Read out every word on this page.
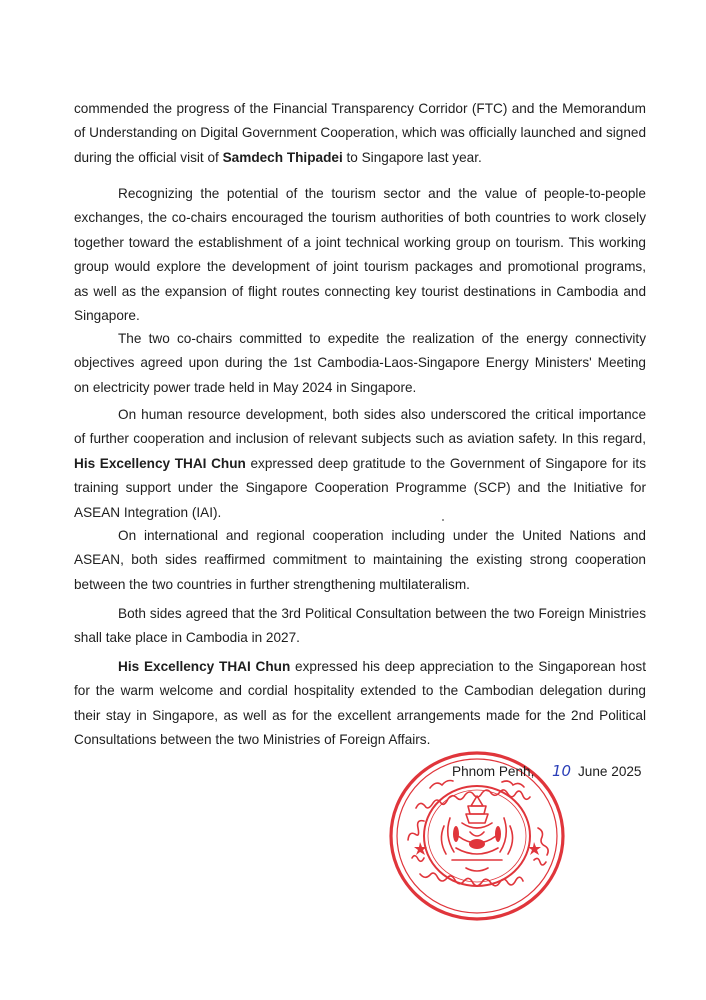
commended the progress of the Financial Transparency Corridor (FTC) and the Memorandum
of Understanding on Digital Government Cooperation, which was officially launched and signed
during the official visit of Samdech Thipadei to Singapore last year.

Recognizing the potential of the tourism sector and the value of people-to-people
exchanges, the co-chairs encouraged the tourism authorities of both countries to work closely
together toward the establishment of a joint technical working group on tourism. This working
group would explore the development of joint tourism packages and promotional programs,
as well as the expansion of flight routes connecting key tourist destinations in Cambodia and
Singapore.

The two co-chairs committed to expedite the realization of the energy connectivity
objectives agreed upon during the 1st Cambodia-Laos-Singapore Energy Ministers' Meeting
on electricity power trade held in May 2024 in Singapore.

On human resource development, both sides also underscored the critical importance
of further cooperation and inclusion of relevant subjects such as aviation safety. In this regard,
His Excellency THAI Chun expressed deep gratitude to the Government of Singapore for its
training support under the Singapore Cooperation Programme (SCP) and the Initiative for
ASEAN Integration (IAI).

On international and regional cooperation including under the United Nations and
ASEAN, both sides reaffirmed commitment to maintaining the existing strong cooperation
between the two countries in further strengthening multilateralism.

Both sides agreed that the 3rd Political Consultation between the two Foreign Ministries
shall take place in Cambodia in 2027.

His Excellency THAI Chun expressed his deep appreciation to the Singaporean host
for the warm welcome and cordial hospitality extended to the Cambodian delegation during
their stay in Singapore, as well as for the excellent arrangements made for the 2nd Political
Consultations between the two Ministries of Foreign Affairs.

Phnom Penh, 10 June 2025
